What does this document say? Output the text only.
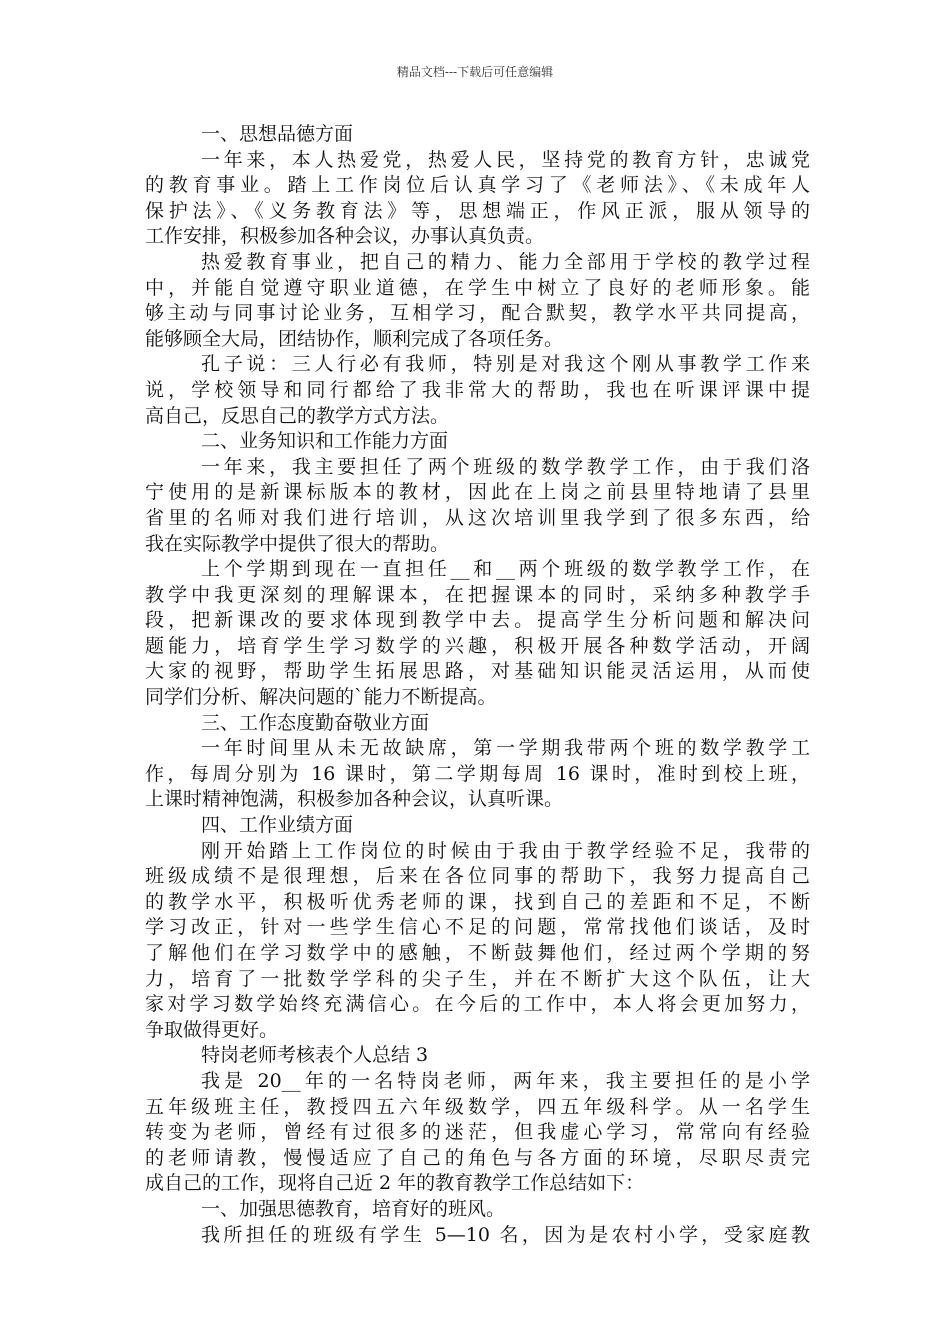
精品文档---下载后可任意编辑
一、思想品德方面
一年来，本人热爱党，热爱人民，坚持党的教育方针，忠诚党
的教育事业。踏上工作岗位后认真学习了《老师法》、《未成年人
保护法》、《义务教育法》等，思想端正，作风正派，服从领导的
工作安排，积极参加各种会议，办事认真负责。
热爱教育事业，把自己的精力、能力全部用于学校的教学过程
中，并能自觉遵守职业道德，在学生中树立了良好的老师形象。能
够主动与同事讨论业务，互相学习，配合默契，教学水平共同提高，
能够顾全大局，团结协作，顺利完成了各项任务。
孔子说：三人行必有我师，特别是对我这个刚从事教学工作来
说，学校领导和同行都给了我非常大的帮助，我也在听课评课中提
高自己，反思自己的教学方式方法。
二、业务知识和工作能力方面
一年来，我主要担任了两个班级的数学教学工作，由于我们洛
宁使用的是新课标版本的教材，因此在上岗之前县里特地请了县里
省里的名师对我们进行培训，从这次培训里我学到了很多东西，给
我在实际教学中提供了很大的帮助。
上个学期到现在一直担任__和__两个班级的数学教学工作，在
教学中我更深刻的理解课本，在把握课本的同时，采纳多种教学手
段，把新课改的要求体现到教学中去。提高学生分析问题和解决问
题能力，培育学生学习数学的兴趣，积极开展各种数学活动，开阔
大家的视野，帮助学生拓展思路，对基础知识能灵活运用，从而使
同学们分析、解决问题的`能力不断提高。
三、工作态度勤奋敬业方面
一年时间里从未无故缺席，第一学期我带两个班的数学教学工
作，每周分别为 16 课时，第二学期每周 16 课时，准时到校上班，
上课时精神饱满，积极参加各种会议，认真听课。
四、工作业绩方面
刚开始踏上工作岗位的时候由于我由于教学经验不足，我带的
班级成绩不是很理想，后来在各位同事的帮助下，我努力提高自己
的教学水平，积极听优秀老师的课，找到自己的差距和不足，不断
学习改正，针对一些学生信心不足的问题，常常找他们谈话，及时
了解他们在学习数学中的感触，不断鼓舞他们，经过两个学期的努
力，培育了一批数学学科的尖子生，并在不断扩大这个队伍，让大
家对学习数学始终充满信心。在今后的工作中，本人将会更加努力，
争取做得更好。
特岗老师考核表个人总结 3
我是 20__年的一名特岗老师，两年来，我主要担任的是小学
五年级班主任，教授四五六年级数学，四五年级科学。从一名学生
转变为老师，曾经有过很多的迷茫，但我虚心学习，常常向有经验
的老师请教，慢慢适应了自己的角色与各方面的环境，尽职尽责完
成自己的工作，现将自己近 2 年的教育教学工作总结如下：
一、加强思德教育，培育好的班风。
我所担任的班级有学生 5—10 名，因为是农村小学，受家庭教
